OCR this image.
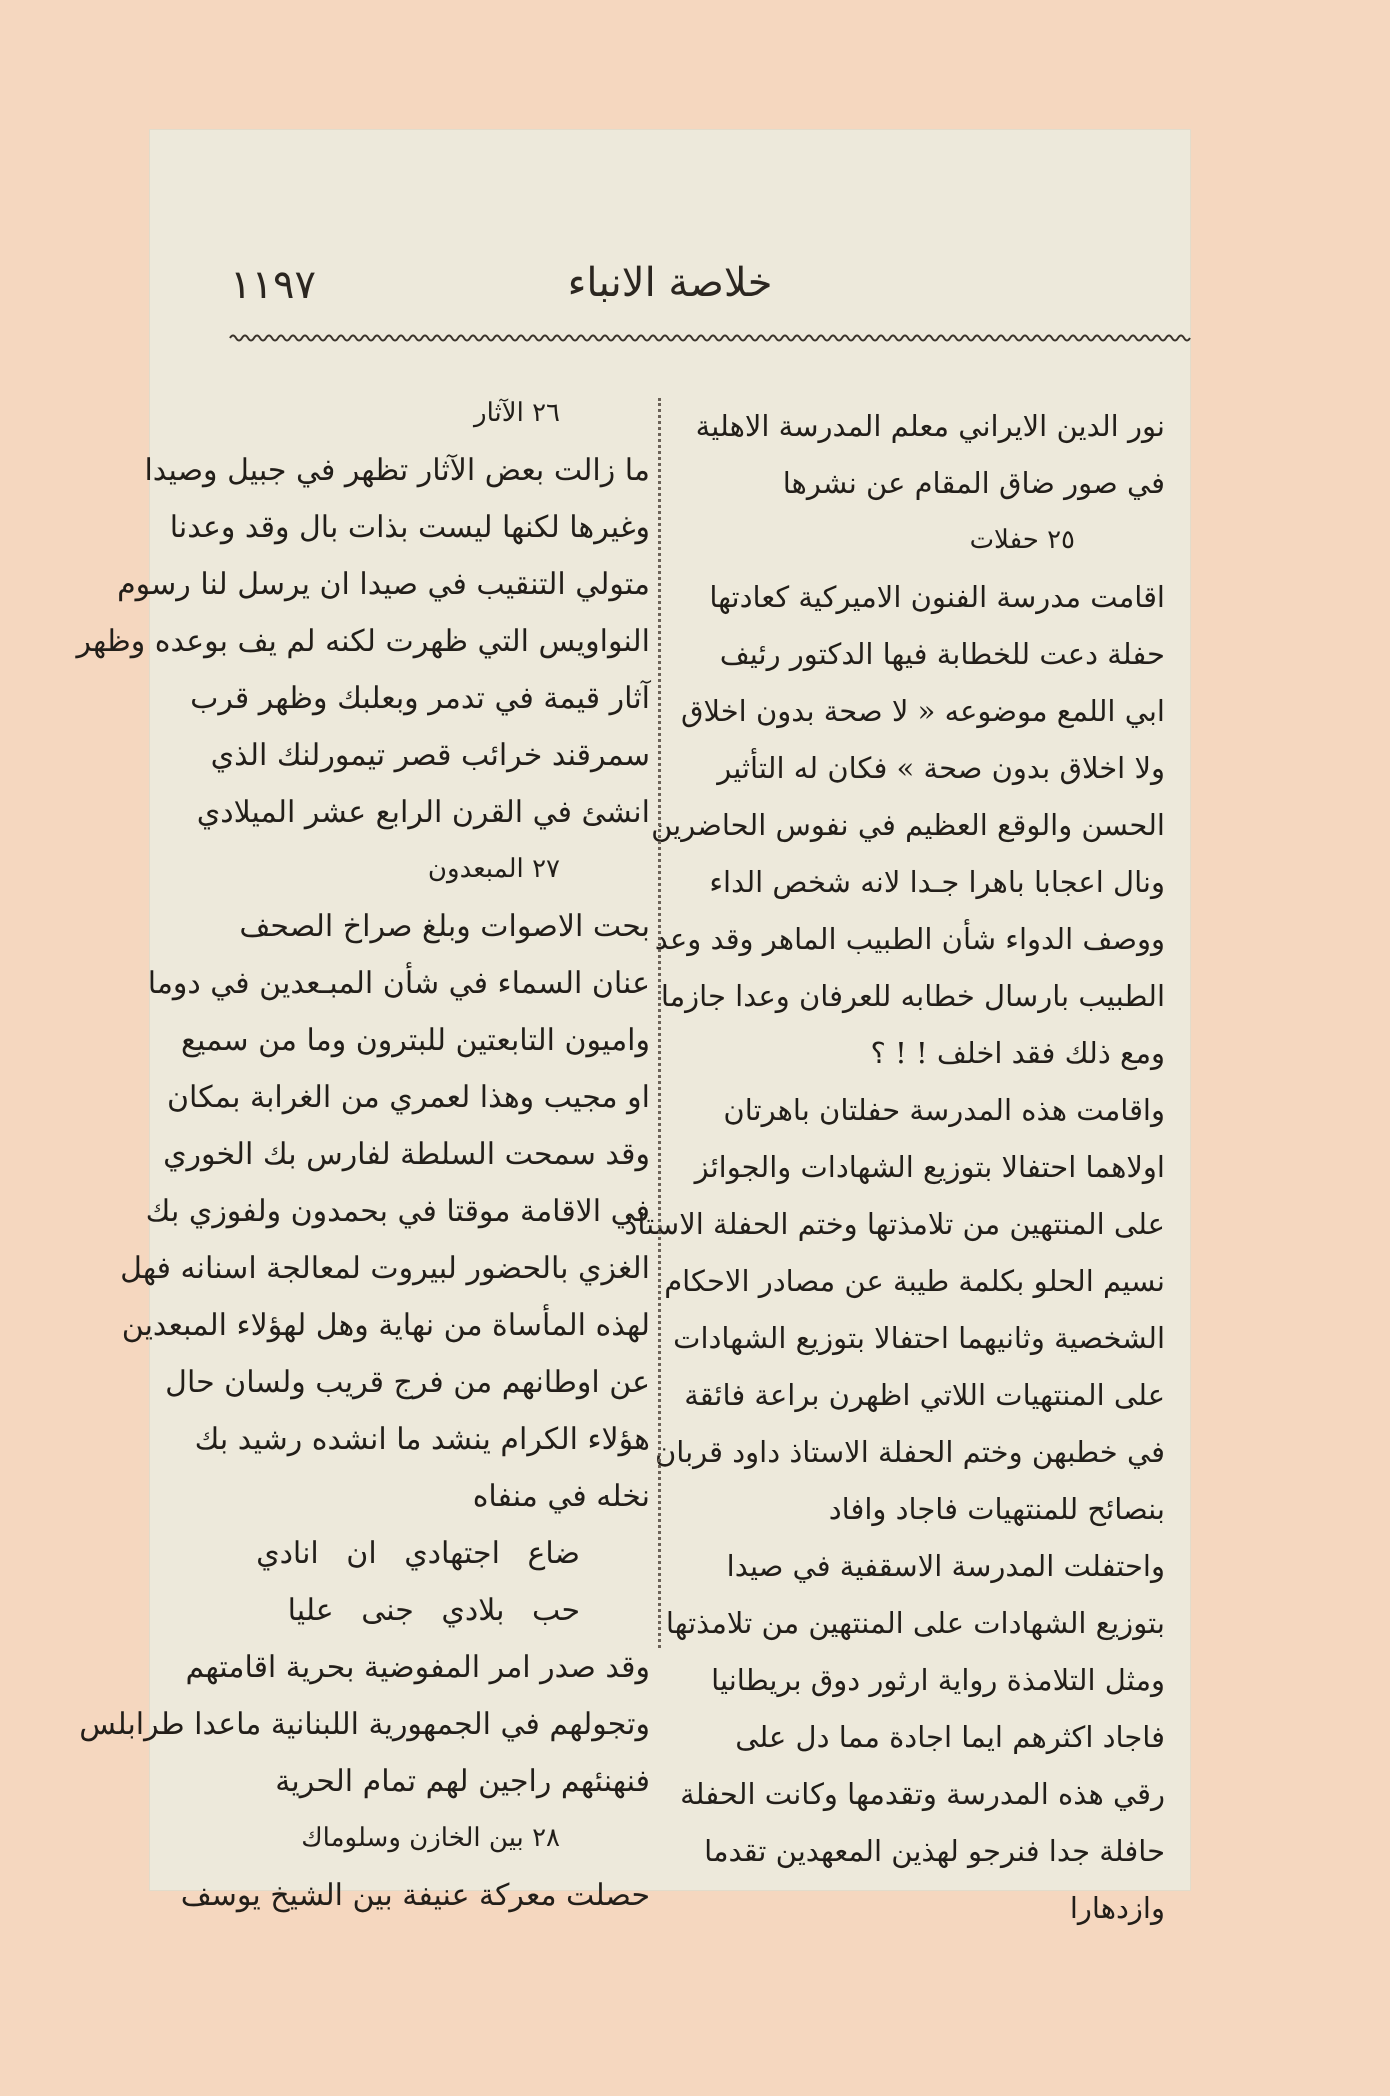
خلاصة الانباء
١١٩٧
نور الدين الايراني معلم المدرسة الاهلية
في صور ضاق المقام عن نشرها
٢٥ حفلات
اقامت مدرسة الفنون الاميركية كعادتها
حفلة دعت للخطابة فيها الدكتور رئيف
ابي اللمع موضوعه « لا صحة بدون اخلاق
ولا اخلاق بدون صحة » فكان له التأثير
الحسن والوقع العظيم في نفوس الحاضرين
ونال اعجابا باهرا جـدا لانه شخص الداء
ووصف الدواء شأن الطبيب الماهر وقد وعد
الطبيب بارسال خطابه للعرفان وعدا جازما
ومع ذلك فقد اخلف ! ! ؟
واقامت هذه المدرسة حفلتان باهرتان
اولاهما احتفالا بتوزيع الشهادات والجوائز
على المنتهين من تلامذتها وختم الحفلة الاستاذ
نسيم الحلو بكلمة طيبة عن مصادر الاحكام
الشخصية وثانيهما احتفالا بتوزيع الشهادات
على المنتهيات اللاتي اظهرن براعة فائقة
في خطبهن وختم الحفلة الاستاذ داود قربان
بنصائح للمنتهيات فاجاد وافاد
واحتفلت المدرسة الاسقفية في صيدا
بتوزيع الشهادات على المنتهين من تلامذتها
ومثل التلامذة رواية ارثور دوق بريطانيا
فاجاد اكثرهم ايما اجادة مما دل على
رقي هذه المدرسة وتقدمها وكانت الحفلة
حافلة جدا فنرجو لهذين المعهدين تقدما
وازدهارا
٢٦ الآثار
ما زالت بعض الآثار تظهر في جبيل وصيدا
وغيرها لكنها ليست بذات بال وقد وعدنا
متولي التنقيب في صيدا ان يرسل لنا رسوم
النواويس التي ظهرت لكنه لم يف بوعده وظهر
آثار قيمة في تدمر وبعلبك وظهر قرب
سمرقند خرائب قصر تيمورلنك الذي
انشئ في القرن الرابع عشر الميلادي
٢٧ المبعدون
بحت الاصوات وبلغ صراخ الصحف
عنان السماء في شأن المبـعدين في دوما
واميون التابعتين للبترون وما من سميع
او مجيب وهذا لعمري من الغرابة بمكان
وقد سمحت السلطة لفارس بك الخوري
في الاقامة موقتا في بحمدون ولفوزي بك
الغزي بالحضور لبيروت لمعالجة اسنانه فهل
لهذه المأساة من نهاية وهل لهؤلاء المبعدين
عن اوطانهم من فرج قريب ولسان حال
هؤلاء الكرام ينشد ما انشده رشيد بك
نخله في منفاه
ضاع اجتهادي ان انادي
حب بلادي جنى عليا
وقد صدر امر المفوضية بحرية اقامتهم
وتجولهم في الجمهورية اللبنانية ماعدا طرابلس
فنهنئهم راجين لهم تمام الحرية
٢٨ بين الخازن وسلوماك
حصلت معركة عنيفة بين الشيخ يوسف
